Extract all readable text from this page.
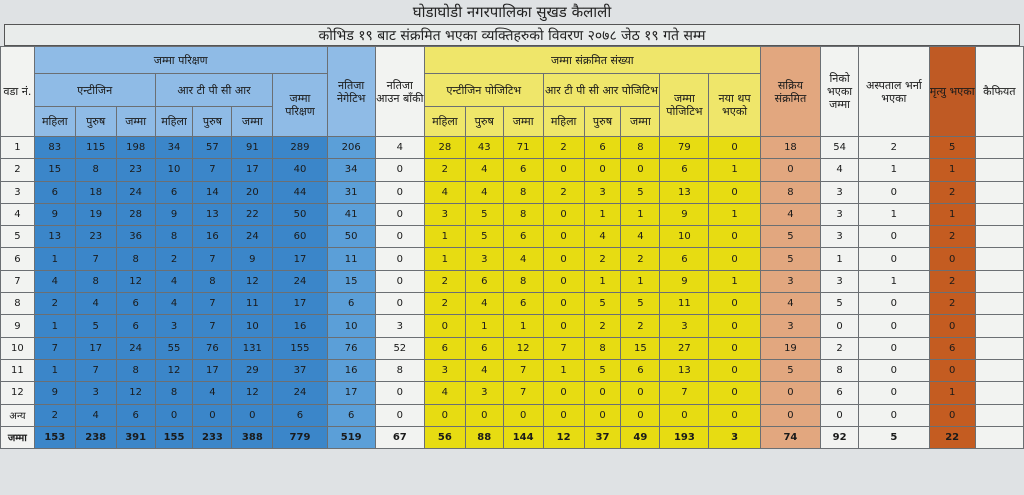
घोडाघोडी नगरपालिका सुखड कैलाली
कोभिड १९ बाट संक्रमित भएका व्यक्तिहरुको विवरण २०७८ जेठ १९ गते सम्म
वडा नं.	जम्मा परिक्षण							नतिजा नेगेटिभ	नतिजा आउन बाँकी	जम्मा संक्रमित संख्या								सक्रिय संक्रमित	निको भएका जम्मा	अस्पताल भर्ना भएका	मृत्यु भएका	कैफियत
	एन्टीजिन			आर टी पी सी आर			जम्मा परिक्षण			एन्टीजिन पोजिटिभ			आर टी पी सी आर पोजिटिभ			जम्मा पोजिटिभ	नया थप भएको					
	महिला	पुरुष	जम्मा	महिला	पुरुष	जम्मा				महिला	पुरुष	जम्मा	महिला	पुरुष	जम्मा							
1	83	115	198	34	57	91	289	206	4	28	43	71	2	6	8	79	0	18	54	2	5	
2	15	8	23	10	7	17	40	34	0	2	4	6	0	0	0	6	1	0	4	1	1	
3	6	18	24	6	14	20	44	31	0	4	4	8	2	3	5	13	0	8	3	0	2	
4	9	19	28	9	13	22	50	41	0	3	5	8	0	1	1	9	1	4	3	1	1	
5	13	23	36	8	16	24	60	50	0	1	5	6	0	4	4	10	0	5	3	0	2	
6	1	7	8	2	7	9	17	11	0	1	3	4	0	2	2	6	0	5	1	0	0	
7	4	8	12	4	8	12	24	15	0	2	6	8	0	1	1	9	1	3	3	1	2	
8	2	4	6	4	7	11	17	6	0	2	4	6	0	5	5	11	0	4	5	0	2	
9	1	5	6	3	7	10	16	10	3	0	1	1	0	2	2	3	0	3	0	0	0	
10	7	17	24	55	76	131	155	76	52	6	6	12	7	8	15	27	0	19	2	0	6	
11	1	7	8	12	17	29	37	16	8	3	4	7	1	5	6	13	0	5	8	0	0	
12	9	3	12	8	4	12	24	17	0	4	3	7	0	0	0	7	0	0	6	0	1	
अन्य	2	4	6	0	0	0	6	6	0	0	0	0	0	0	0	0	0	0	0	0	0	
जम्मा	153	238	391	155	233	388	779	519	67	56	88	144	12	37	49	193	3	74	92	5	22	
